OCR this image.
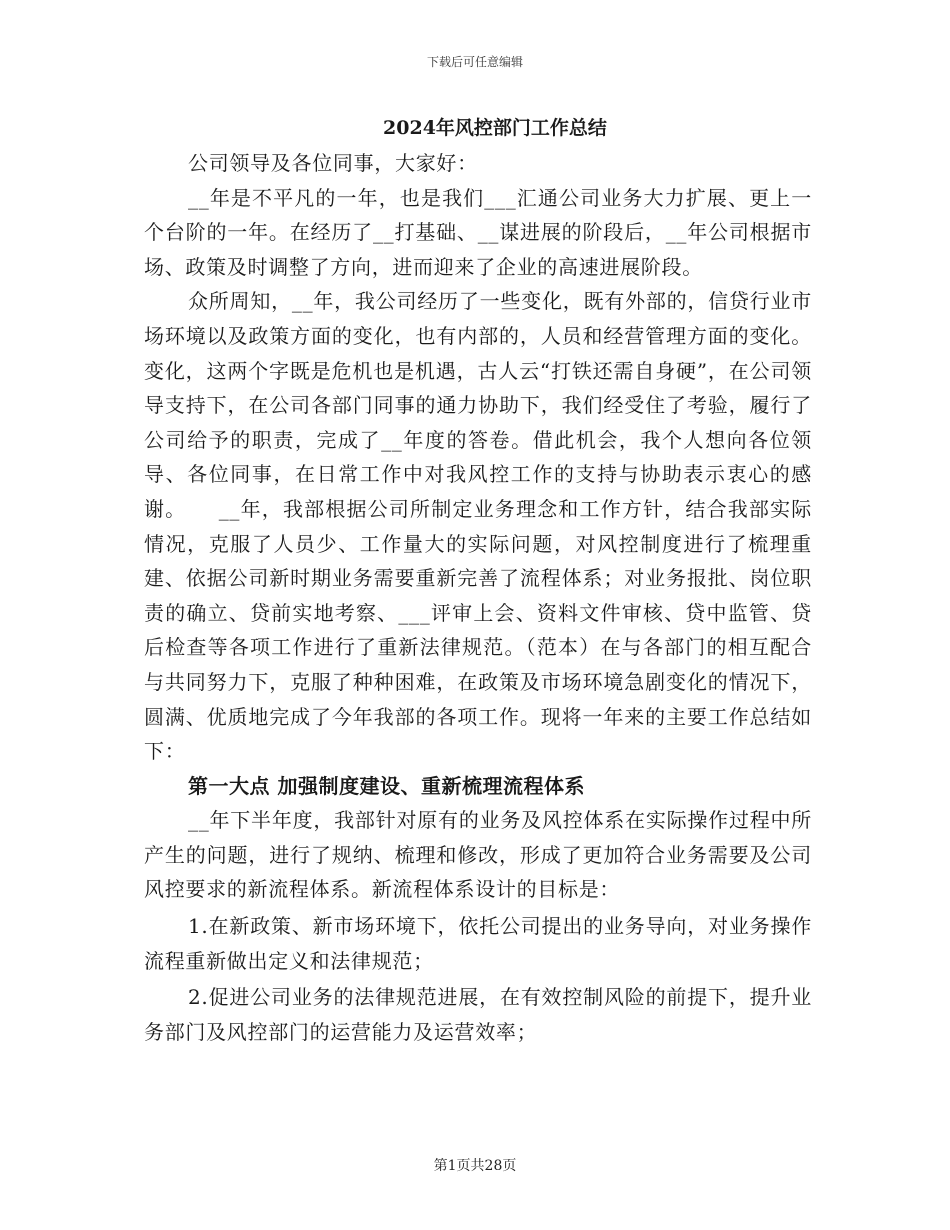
下载后可任意编辑
2024年风控部门工作总结

公司领导及各位同事，大家好：

__年是不平凡的一年，也是我们___汇通公司业务大力扩展、更上一个台阶的一年。在经历了__打基础、__谋进展的阶段后，__年公司根据市场、政策及时调整了方向，进而迎来了企业的高速进展阶段。

众所周知，__年，我公司经历了一些变化，既有外部的，信贷行业市场环境以及政策方面的变化，也有内部的，人员和经营管理方面的变化。变化，这两个字既是危机也是机遇，古人云“打铁还需自身硬”，在公司领导支持下，在公司各部门同事的通力协助下，我们经受住了考验，履行了公司给予的职责，完成了__年度的答卷。借此机会，我个人想向各位领导、各位同事，在日常工作中对我风控工作的支持与协助表示衷心的感谢。　　__年，我部根据公司所制定业务理念和工作方针，结合我部实际情况，克服了人员少、工作量大的实际问题，对风控制度进行了梳理重建、依据公司新时期业务需要重新完善了流程体系；对业务报批、岗位职责的确立、贷前实地考察、___评审上会、资料文件审核、贷中监管、贷后检查等各项工作进行了重新法律规范。（范本）在与各部门的相互配合与共同努力下，克服了种种困难，在政策及市场环境急剧变化的情况下，圆满、优质地完成了今年我部的各项工作。现将一年来的主要工作总结如下：

第一大点 加强制度建设、重新梳理流程体系

__年下半年度，我部针对原有的业务及风控体系在实际操作过程中所产生的问题，进行了规纳、梳理和修改，形成了更加符合业务需要及公司风控要求的新流程体系。新流程体系设计的目标是：

1.在新政策、新市场环境下，依托公司提出的业务导向，对业务操作流程重新做出定义和法律规范；

2.促进公司业务的法律规范进展，在有效控制风险的前提下，提升业务部门及风控部门的运营能力及运营效率；

第1页共28页
